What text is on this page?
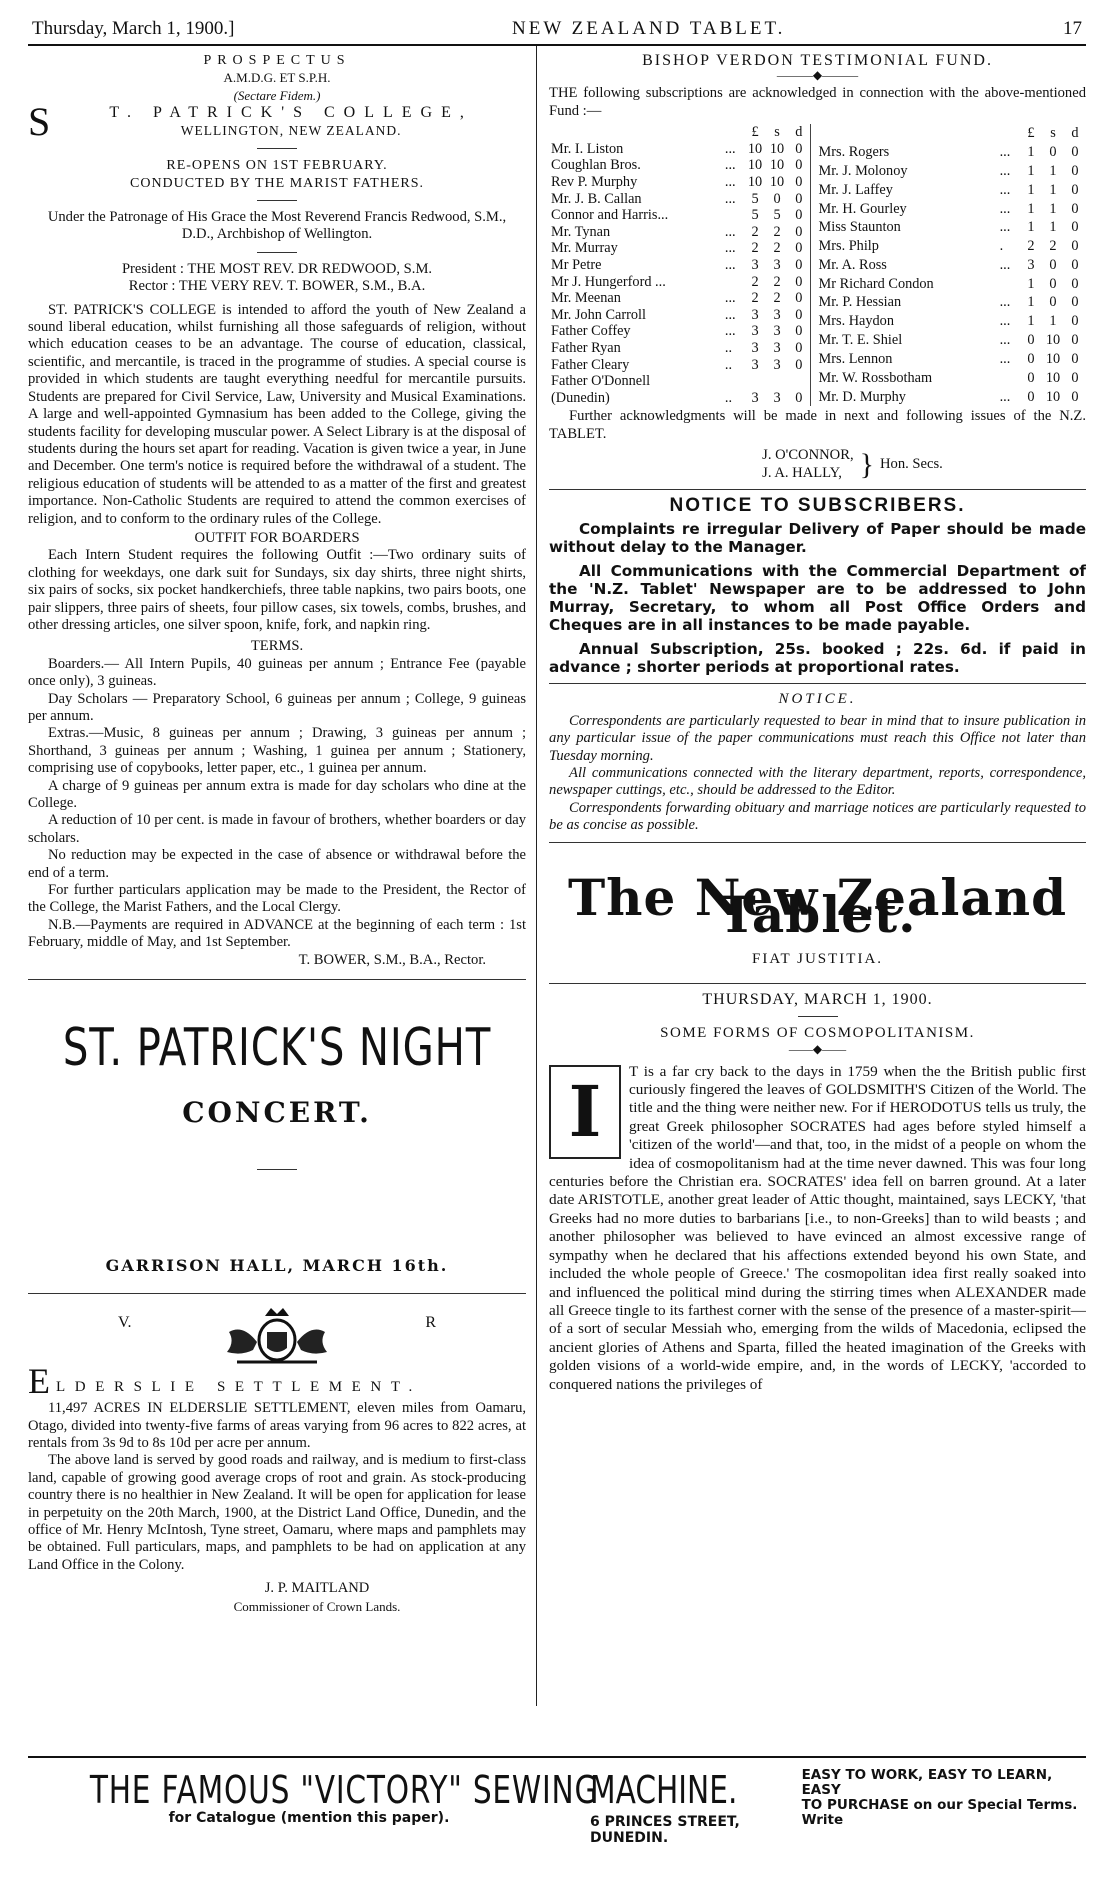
Thursday, March 1, 1900.]	NEW ZEALAND TABLET.	17

PROSPECTUS

A.M.D.G. ET S.P.H.

(Sectare Fidem.)

S	T. PATRICK'S COLLEGE,

WELLINGTON, NEW ZEALAND.

RE-OPENS ON 1ST FEBRUARY.

CONDUCTED BY THE MARIST FATHERS.

Under the Patronage of His Grace the Most Reverend Francis Redwood, S.M., D.D., Archbishop of Wellington.

President : THE MOST REV. DR REDWOOD, S.M.

Rector : THE VERY REV. T. BOWER, S.M., B.A.

ST. PATRICK'S COLLEGE is intended to afford the youth of New Zealand a sound liberal education, whilst furnishing all those safeguards of religion, without which education ceases to be an advantage. The course of education, classical, scientific, and mercantile, is traced in the programme of studies. A special course is provided in which students are taught everything needful for mercantile pursuits. Students are prepared for Civil Service, Law, University and Musical Examinations. A large and well-appointed Gymnasium has been added to the College, giving the students facility for developing muscular power. A Select Library is at the disposal of students during the hours set apart for reading. Vacation is given twice a year, in June and December. One term's notice is required before the withdrawal of a student. The religious education of students will be attended to as a matter of the first and greatest importance. Non-Catholic Students are required to attend the common exercises of religion, and to conform to the ordinary rules of the College.

OUTFIT FOR BOARDERS

Each Intern Student requires the following Outfit :—Two ordinary suits of clothing for weekdays, one dark suit for Sundays, six day shirts, three night shirts, six pairs of socks, six pocket handkerchiefs, three table napkins, two pairs boots, one pair slippers, three pairs of sheets, four pillow cases, six towels, combs, brushes, and other dressing articles, one silver spoon, knife, fork, and napkin ring.

TERMS.

Boarders.— All Intern Pupils, 40 guineas per annum ; Entrance Fee (payable once only), 3 guineas.

Day Scholars — Preparatory School, 6 guineas per annum ; College, 9 guineas per annum.

Extras.—Music, 8 guineas per annum ; Drawing, 3 guineas per annum ; Shorthand, 3 guineas per annum ; Washing, 1 guinea per annum ; Stationery, comprising use of copybooks, letter paper, etc., 1 guinea per annum.

A charge of 9 guineas per annum extra is made for day scholars who dine at the College.

A reduction of 10 per cent. is made in favour of brothers, whether boarders or day scholars.

No reduction may be expected in the case of absence or withdrawal before the end of a term.

For further particulars application may be made to the President, the Rector of the College, the Marist Fathers, and the Local Clergy.

N.B.—Payments are required in ADVANCE at the beginning of each term : 1st February, middle of May, and 1st September.

T. BOWER, S.M., B.A., Rector.

ST. PATRICK'S NIGHT
CONCERT.
GARRISON HALL, MARCH 16th.
V.	R
E LDERSLIE SETTLEMENT.

11,497 ACRES IN ELDERSLIE SETTLEMENT, eleven miles from Oamaru, Otago, divided into twenty-five farms of areas varying from 96 acres to 822 acres, at rentals from 3s 9d to 8s 10d per acre per annum.

The above land is served by good roads and railway, and is medium to first-class land, capable of growing good average crops of root and grain. As stock-producing country there is no healthier in New Zealand. It will be open for application for lease in perpetuity on the 20th March, 1900, at the District Land Office, Dunedin, and the office of Mr. Henry McIntosh, Tyne street, Oamaru, where maps and pamphlets may be obtained. Full particulars, maps, and pamphlets to be had on application at any Land Office in the Colony.

J. P. MAITLAND

Commissioner of Crown Lands.

BISHOP VERDON TESTIMONIAL FUND.

———◆———

THE following subscriptions are acknowledged in connection with the above-mentioned Fund :—

		£	s	d
Mr. I. Liston	...	10	10	0
Coughlan Bros.	...	10	10	0
Rev P. Murphy	...	10	10	0
Mr. J. B. Callan	...	5	0	0
Connor and Harris...		5	5	0
Mr. Tynan	...	2	2	0
Mr. Murray	...	2	2	0
Mr Petre	...	3	3	0
Mr J. Hungerford ...		2	2	0
Mr. Meenan	...	2	2	0
Mr. John Carroll	...	3	3	0
Father Coffey	...	3	3	0
Father Ryan	..	3	3	0
Father Cleary	..	3	3	0
Father O'Donnell				
(Dunedin)	..	3	3	0
		£	s	d
Mrs. Rogers	...	1	0	0
Mr. J. Molonoy	...	1	1	0
Mr. J. Laffey	...	1	1	0
Mr. H. Gourley	...	1	1	0
Miss Staunton	...	1	1	0
Mrs. Philp	.	2	2	0
Mr. A. Ross	...	3	0	0
Mr Richard Condon		1	0	0
Mr. P. Hessian	...	1	0	0
Mrs. Haydon	...	1	1	0
Mr. T. E. Shiel	...	0	10	0
Mrs. Lennon	...	0	10	0
Mr. W. Rossbotham		0	10	0
Mr. D. Murphy	...	0	10	0

Further acknowledgments will be made in next and following issues of the N.Z. TABLET.

J. O'CONNOR,

J. A. HALLY, } Hon. Secs.

NOTICE TO SUBSCRIBERS.

Complaints re irregular Delivery of Paper should be made without delay to the Manager.

All Communications with the Commercial Department of the 'N.Z. Tablet' Newspaper are to be addressed to John Murray, Secretary, to whom all Post Office Orders and Cheques are in all instances to be made payable.

Annual Subscription, 25s. booked ; 22s. 6d. if paid in advance ; shorter periods at proportional rates.

NOTICE.

Correspondents are particularly requested to bear in mind that to insure publication in any particular issue of the paper communications must reach this Office not later than Tuesday morning.

All communications connected with the literary department, reports, correspondence, newspaper cuttings, etc., should be addressed to the Editor.

Correspondents forwarding obituary and marriage notices are particularly requested to be as concise as possible.

The New Zealand Tablet.

FIAT JUSTITIA.

THURSDAY, MARCH 1, 1900.

SOME FORMS OF COSMOPOLITANISM.

——◆——

I	T is a far cry back to the days in 1759 when the the British public first curiously fingered the leaves of GOLDSMITH'S Citizen of the World. The title and the thing were neither new. For if HERODOTUS tells us truly, the great Greek philosopher SOCRATES had ages before styled himself a 'citizen of the world'—and that, too, in the midst of a people on whom the idea of cosmopolitanism had at the time never dawned. This was four long centuries before the Christian era. SOCRATES' idea fell on barren ground. At a later date ARISTOTLE, another great leader of Attic thought, maintained, says LECKY, 'that Greeks had no more duties to barbarians [i.e., to non-Greeks] than to wild beasts ; and another philosopher was believed to have evinced an almost excessive range of sympathy when he declared that his affections extended beyond his own State, and included the whole people of Greece.' The cosmopolitan idea first really soaked into and influenced the political mind during the stirring times when ALEXANDER made all Greece tingle to its farthest corner with the sense of the presence of a master-spirit—of a sort of secular Messiah who, emerging from the wilds of Macedonia, eclipsed the ancient glories of Athens and Sparta, filled the heated imagination of the Greeks with golden visions of a world-wide empire, and, in the words of LECKY, 'accorded to conquered nations the privileges of

THE FAMOUS "VICTORY" SEWING
for Catalogue (mention this paper).
MACHINE.
6 PRINCES STREET, DUNEDIN.
EASY TO WORK, EASY TO LEARN, EASY
TO PURCHASE on our Special Terms. Write
